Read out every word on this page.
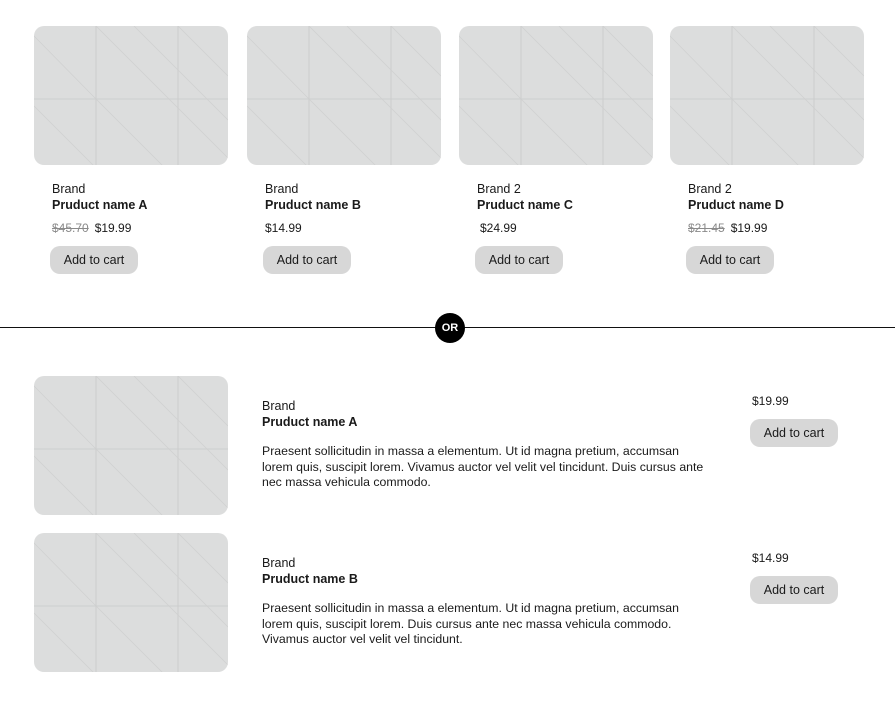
Brand
Pruduct name A
$45.70 $19.99
Add to cart
Brand
Pruduct name B
$14.99
Add to cart
Brand 2
Pruduct name C
$24.99
Add to cart
Brand 2
Pruduct name D
$21.45 $19.99
Add to cart
OR
Brand
Pruduct name A
Praesent sollicitudin in massa a elementum. Ut id magna pretium, accumsan lorem quis, suscipit lorem. Vivamus auctor vel velit vel tincidunt. Duis cursus ante nec massa vehicula commodo.
$19.99
Add to cart
Brand
Pruduct name B
Praesent sollicitudin in massa a elementum. Ut id magna pretium, accumsan lorem quis, suscipit lorem. Duis cursus ante nec massa vehicula commodo. Vivamus auctor vel velit vel tincidunt.
$14.99
Add to cart
